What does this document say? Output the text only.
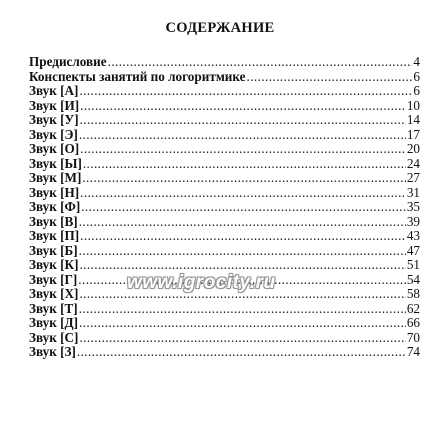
СОДЕРЖАНИЕ
Предисловие .....	4
Конспекты занятий по логоритмике .....	6
Звук [А] .....	6
Звук [И] .....	10
Звук [У] .....	14
Звук [Э] .....	17
Звук [О] .....	20
Звук [Ы] .....	24
Звук [М] .....	27
Звук [Н] .....	31
Звук [Ф] .....	35
Звук [В] .....	39
Звук [П] .....	43
Звук [Б] .....	47
Звук [К] .....	51
Звук [Г] .....	54
Звук [Х] .....	58
Звук [Т] .....	62
Звук [Д] .....	66
Звук [С] .....	70
Звук [З] .....	74
www.igrocity.ru
